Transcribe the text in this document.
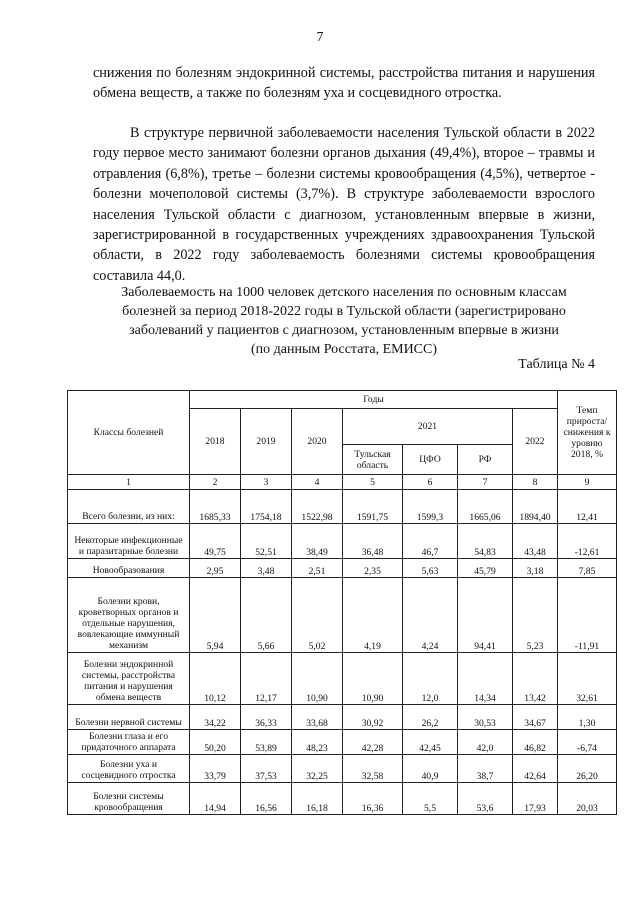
7

снижения по болезням эндокринной системы, расстройства питания и нарушения обмена веществ, а также по болезням уха и сосцевидного отростка.

В структуре первичной заболеваемости населения Тульской области в 2022 году первое место занимают болезни органов дыхания (49,4%), второе – травмы и отравления (6,8%), третье – болезни системы кровообращения (4,5%), четвертое - болезни мочеполовой системы (3,7%). В структуре заболеваемости взрослого населения Тульской области с диагнозом, установленным впервые в жизни, зарегистрированной в государственных учреждениях здравоохранения Тульской области, в 2022 году заболеваемость болезнями системы кровообращения составила 44,0.

Заболеваемость на 1000 человек детского населения по основным классам
болезней за период 2018-2022 годы в Тульской области (зарегистрировано
заболеваний у пациентов с диагнозом, установленным впервые в жизни
(по данным Росстата, ЕМИСС)
Таблица № 4
Классы болезней	Годы							Темп прироста/ снижения к уровню 2018, %
	2018	2019	2020	2021			2022	
				Тульская область	ЦФО	РФ		
1	2	3	4	5	6	7	8	9
Всего болезни, из них:	1685,33	1754,18	1522,98	1591,75	1599,3	1665,06	1894,40	12,41
Некоторые инфекционные и паразитарные болезни	49,75	52,51	38,49	36,48	46,7	54,83	43,48	-12,61
Новообразования	2,95	3,48	2,51	2,35	5,63	45,79	3,18	7,85
Болезни крови, кроветворных органов и отдельные нарушения, вовлекающие иммунный механизм	5,94	5,66	5,02	4,19	4,24	94,41	5,23	-11,91
Болезни эндокринной системы, расстройства питания и нарушения обмена веществ	10,12	12,17	10,90	10,90	12,0	14,34	13,42	32,61
Болезни нервной системы	34,22	36,33	33,68	30,92	26,2	30,53	34,67	1,30
Болезни глаза и его придаточного аппарата	50,20	53,89	48,23	42,28	42,45	42,0	46,82	-6,74
Болезни уха и сосцевидного отростка	33,79	37,53	32,25	32,58	40,9	38,7	42,64	26,20
Болезни системы кровообращения	14,94	16,56	16,18	16,36	5,5	53,6	17,93	20,03
